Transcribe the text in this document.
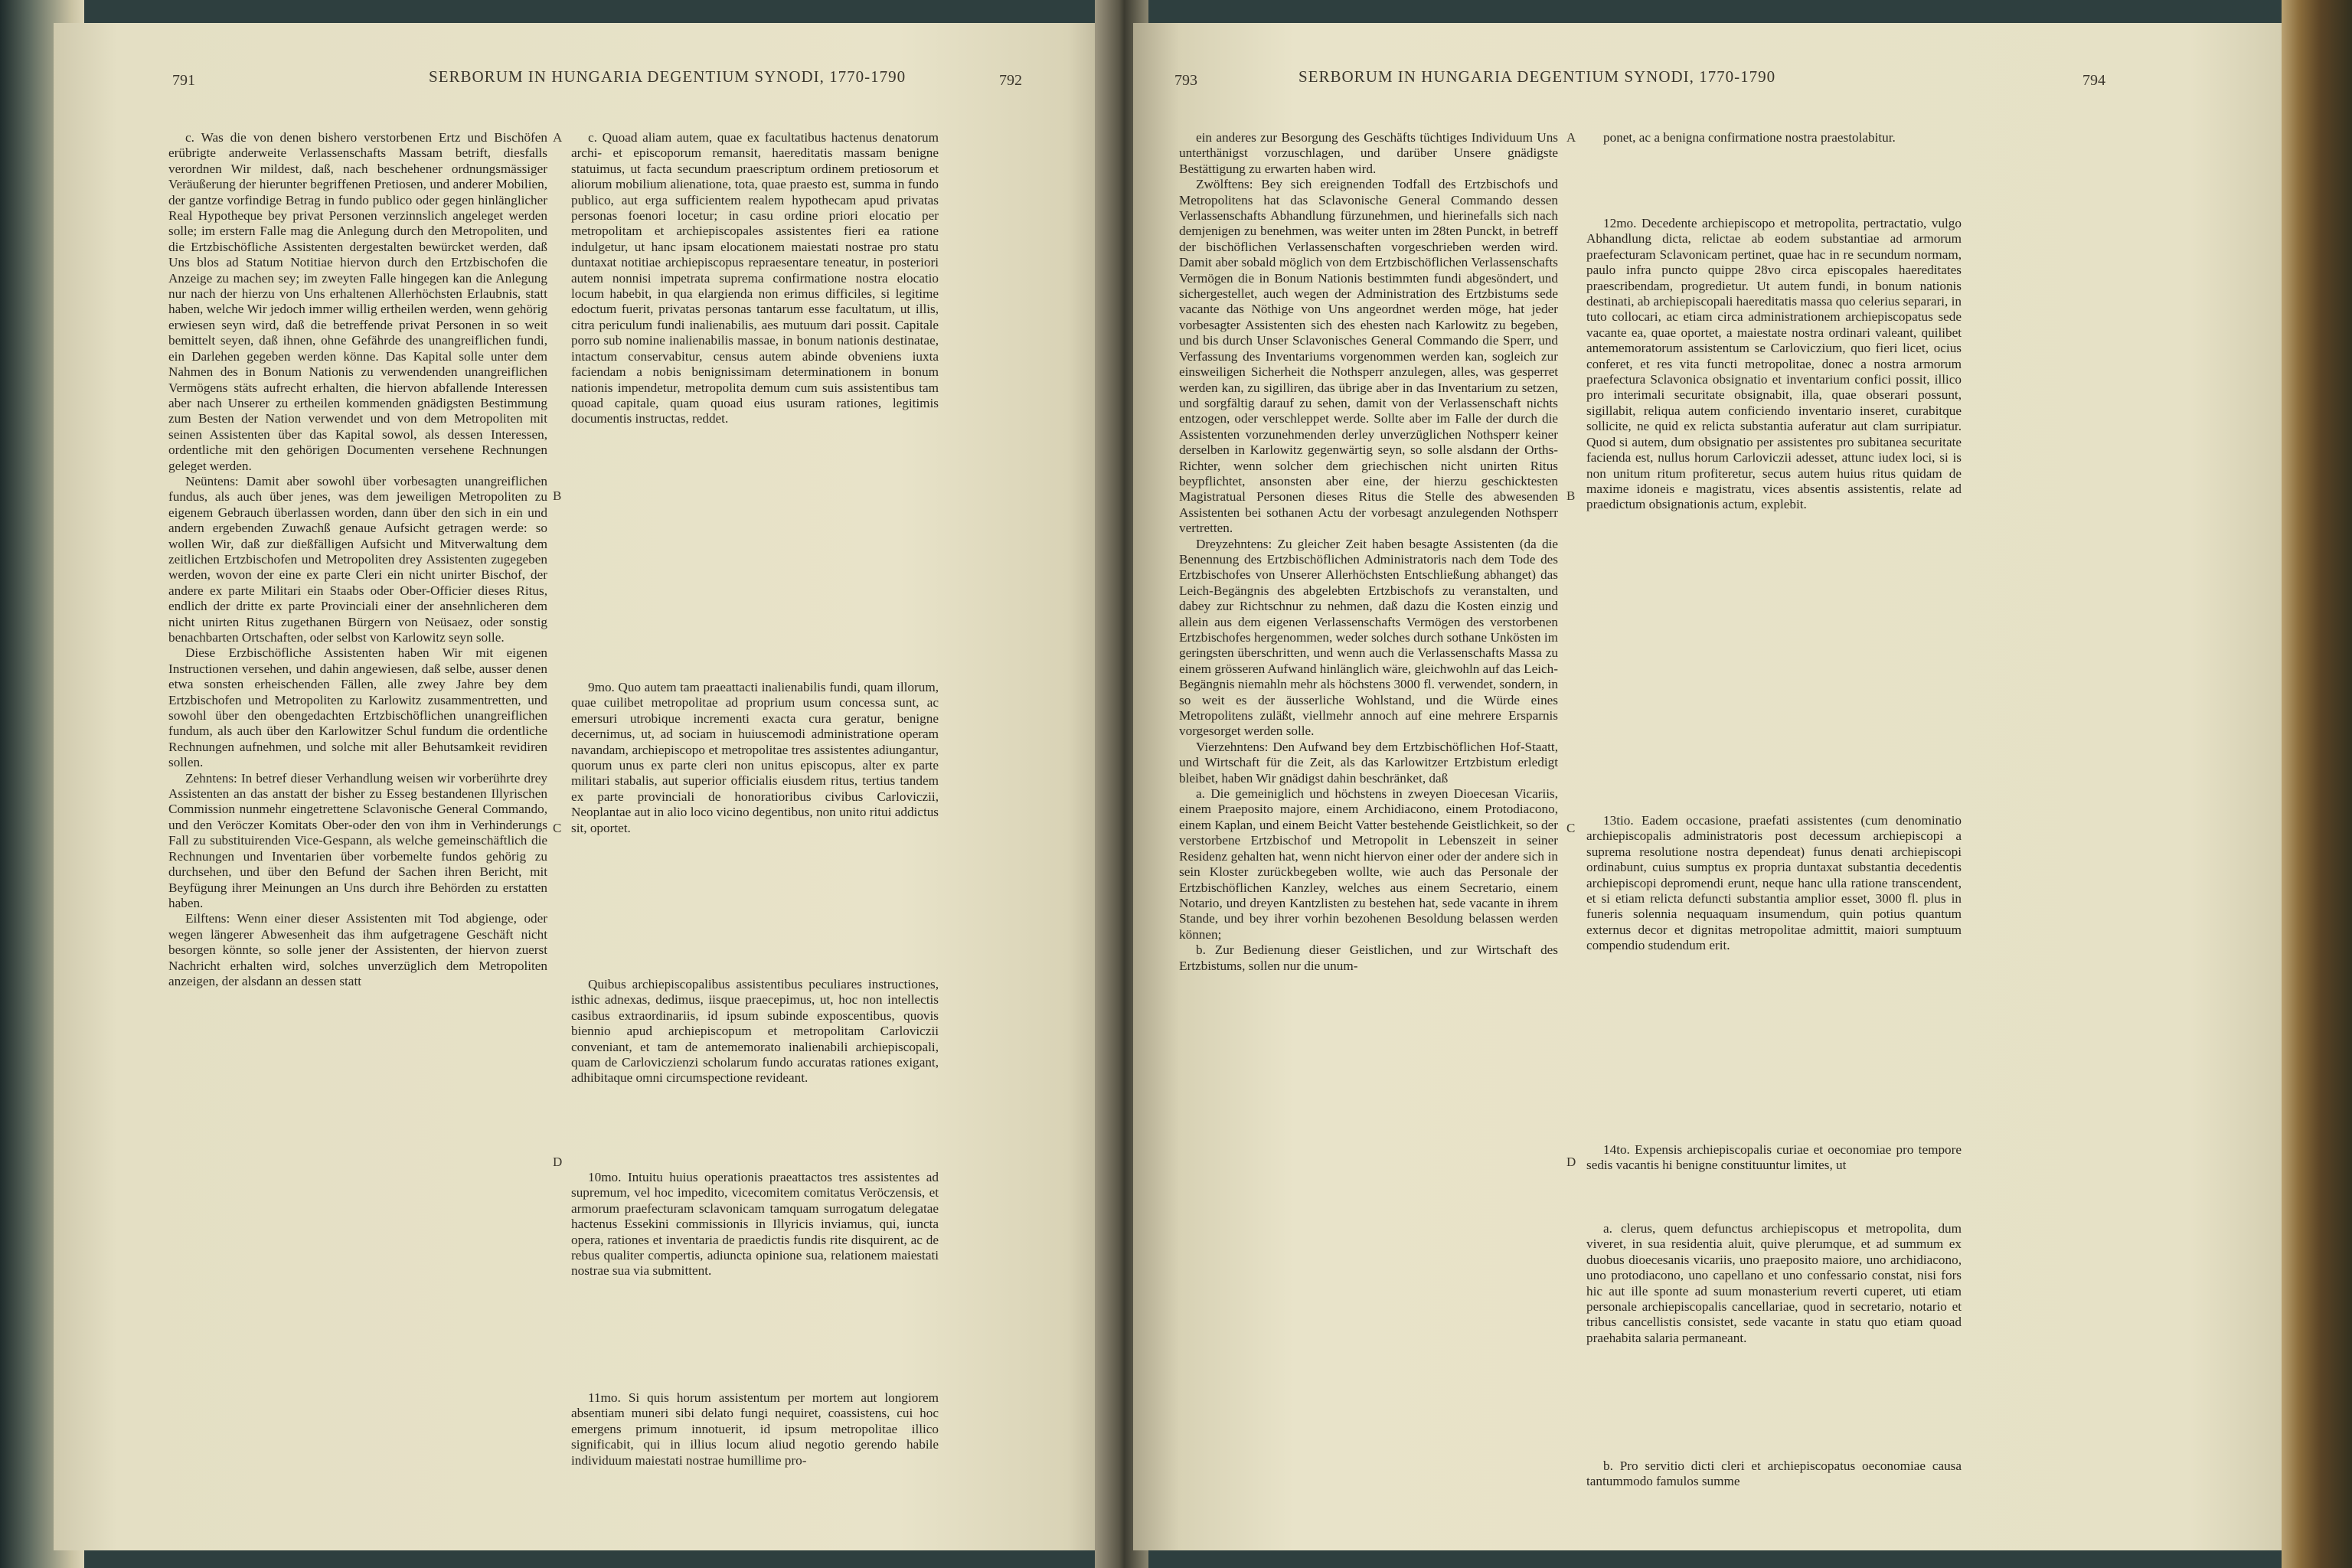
791	SERBORUM IN HUNGARIA DEGENTIUM SYNODI, 1770-1790	792

c. Was die von denen bishero verstorbenen Ertz und Bischöfen erübrigte anderweite Verlassenschafts Massam betrift, diesfalls verordnen Wir mildest, daß, nach beschehener ordnungsmässiger Veräußerung der hierunter begriffenen Pretiosen, und anderer Mobilien, der gantze vorfindige Betrag in fundo publico oder gegen hinlänglicher Real Hypotheque bey privat Personen verzinnslich angeleget werden solle; im erstern Falle mag die Anlegung durch den Metropoliten, und die Ertzbischöfliche Assistenten dergestalten bewürcket werden, daß Uns blos ad Statum Notitiae hiervon durch den Ertzbischofen die Anzeige zu machen sey; im zweyten Falle hingegen kan die Anlegung nur nach der hierzu von Uns erhaltenen Allerhöchsten Erlaubnis, statt haben, welche Wir jedoch immer willig ertheilen werden, wenn gehörig erwiesen seyn wird, daß die betreffende privat Personen in so weit bemittelt seyen, daß ihnen, ohne Gefährde des unangreiflichen fundi, ein Darlehen gegeben werden könne. Das Kapital solle unter dem Nahmen des in Bonum Nationis zu verwendenden unangreiflichen Vermögens stäts aufrecht erhalten, die hiervon abfallende Interessen aber nach Unserer zu ertheilen kommenden gnädigsten Bestimmung zum Besten der Nation verwendet und von dem Metropoliten mit seinen Assistenten über das Kapital sowol, als dessen Interessen, ordentliche mit den gehörigen Documenten versehene Rechnungen geleget werden.

Neüntens: Damit aber sowohl über vorbesagten unangreiflichen fundus, als auch über jenes, was dem jeweiligen Metropoliten zu eigenem Gebrauch überlassen worden, dann über den sich in ein und andern ergebenden Zuwachß genaue Aufsicht getragen werde: so wollen Wir, daß zur dießfälligen Aufsicht und Mitverwaltung dem zeitlichen Ertzbischofen und Metropoliten drey Assistenten zugegeben werden, wovon der eine ex parte Cleri ein nicht unirter Bischof, der andere ex parte Militari ein Staabs oder Ober-Officier dieses Ritus, endlich der dritte ex parte Provinciali einer der ansehnlicheren dem nicht unirten Ritus zugethanen Bürgern von Neüsaez, oder sonstig benachbarten Ortschaften, oder selbst von Karlowitz seyn solle.

Diese Erzbischöfliche Assistenten haben Wir mit eigenen Instructionen versehen, und dahin angewiesen, daß selbe, ausser denen etwa sonsten erheischenden Fällen, alle zwey Jahre bey dem Ertzbischofen und Metropoliten zu Karlowitz zusammentretten, und sowohl über den obengedachten Ertzbischöflichen unangreiflichen fundum, als auch über den Karlowitzer Schul fundum die ordentliche Rechnungen aufnehmen, und solche mit aller Behutsamkeit revidiren sollen.

Zehntens: In betref dieser Verhandlung weisen wir vorberührte drey Assistenten an das anstatt der bisher zu Esseg bestandenen Illyrischen Commission nunmehr eingetrettene Sclavonische General Commando, und den Veröczer Komitats Ober-oder den von ihm in Verhinderungs Fall zu substituirenden Vice-Gespann, als welche gemeinschäftlich die Rechnungen und Inventarien über vorbemelte fundos gehörig zu durchsehen, und über den Befund der Sachen ihren Bericht, mit Beyfügung ihrer Meinungen an Uns durch ihre Behörden zu erstatten haben.

Eilftens: Wenn einer dieser Assistenten mit Tod abgienge, oder wegen längerer Abwesenheit das ihm aufgetragene Geschäft nicht besorgen könnte, so solle jener der Assistenten, der hiervon zuerst Nachricht erhalten wird, solches unverzüglich dem Metropoliten anzeigen, der alsdann an dessen statt

A
B
C
D

c. Quoad aliam autem, quae ex facultatibus hactenus denatorum archi- et episcoporum remansit, haereditatis massam benigne statuimus, ut facta secundum praescriptum ordinem pretiosorum et aliorum mobilium alienatione, tota, quae praesto est, summa in fundo publico, aut erga sufficientem realem hypothecam apud privatas personas foenori locetur; in casu ordine priori elocatio per metropolitam et archiepiscopales assistentes fieri ea ratione indulgetur, ut hanc ipsam elocationem maiestati nostrae pro statu duntaxat notitiae archiepiscopus repraesentare teneatur, in posteriori autem nonnisi impetrata suprema confirmatione nostra elocatio locum habebit, in qua elargienda non erimus difficiles, si legitime edoctum fuerit, privatas personas tantarum esse facultatum, ut illis, citra periculum fundi inalienabilis, aes mutuum dari possit. Capitale porro sub nomine inalienabilis massae, in bonum nationis destinatae, intactum conservabitur, census autem abinde obveniens iuxta faciendam a nobis benignissimam determinationem in bonum nationis impendetur, metropolita demum cum suis assistentibus tam quoad capitale, quam quoad eius usuram rationes, legitimis documentis instructas, reddet.

9mo. Quo autem tam praeattacti inalienabilis fundi, quam illorum, quae cuilibet metropolitae ad proprium usum concessa sunt, ac emersuri utrobique incrementi exacta cura geratur, benigne decernimus, ut, ad sociam in huiuscemodi administratione operam navandam, archiepiscopo et metropolitae tres assistentes adiungantur, quorum unus ex parte cleri non unitus episcopus, alter ex parte militari stabalis, aut superior officialis eiusdem ritus, tertius tandem ex parte provinciali de honoratioribus civibus Carloviczii, Neoplantae aut in alio loco vicino degentibus, non unito ritui addictus sit, oportet.

Quibus archiepiscopalibus assistentibus peculiares instructiones, isthic adnexas, dedimus, iisque praecepimus, ut, hoc non intellectis casibus extraordinariis, id ipsum subinde exposcentibus, quovis biennio apud archiepiscopum et metropolitam Carloviczii conveniant, et tam de antememorato inalienabili archiepiscopali, quam de Carloviczienzi scholarum fundo accuratas rationes exigant, adhibitaque omni circumspectione revideant.

10mo. Intuitu huius operationis praeattactos tres assistentes ad supremum, vel hoc impedito, vicecomitem comitatus Veröczensis, et armorum praefecturam sclavonicam tamquam surrogatum delegatae hactenus Essekini commissionis in Illyricis inviamus, qui, iuncta opera, rationes et inventaria de praedictis fundis rite disquirent, ac de rebus qualiter compertis, adiuncta opinione sua, relationem maiestati nostrae sua via submittent.

11mo. Si quis horum assistentum per mortem aut longiorem absentiam muneri sibi delato fungi nequiret, coassistens, cui hoc emergens primum innotuerit, id ipsum metropolitae illico significabit, qui in illius locum aliud negotio gerendo habile individuum maiestati nostrae humillime pro-

793	SERBORUM IN HUNGARIA DEGENTIUM SYNODI, 1770-1790	794

ein anderes zur Besorgung des Geschäfts tüchtiges Individuum Uns unterthänigst vorzuschlagen, und darüber Unsere gnädigste Bestättigung zu erwarten haben wird.

Zwölftens: Bey sich ereignenden Todfall des Ertzbischofs und Metropolitens hat das Sclavonische General Commando dessen Verlassenschafts Abhandlung fürzunehmen, und hierinefalls sich nach demjenigen zu benehmen, was weiter unten im 28ten Punckt, in betreff der bischöflichen Verlassenschaften vorgeschrieben werden wird. Damit aber sobald möglich von dem Ertzbischöflichen Verlassenschafts Vermögen die in Bonum Nationis bestimmten fundi abgesöndert, und sichergestellet, auch wegen der Administration des Ertzbistums sede vacante das Nöthige von Uns angeordnet werden möge, hat jeder vorbesagter Assistenten sich des ehesten nach Karlowitz zu begeben, und bis durch Unser Sclavonisches General Commando die Sperr, und Verfassung des Inventariums vorgenommen werden kan, sogleich zur einsweiligen Sicherheit die Nothsperr anzulegen, alles, was gesperret werden kan, zu sigilliren, das übrige aber in das Inventarium zu setzen, und sorgfältig darauf zu sehen, damit von der Verlassenschaft nichts entzogen, oder verschleppet werde. Sollte aber im Falle der durch die Assistenten vorzunehmenden derley unverzüglichen Nothsperr keiner derselben in Karlowitz gegenwärtig seyn, so solle alsdann der Orths-Richter, wenn solcher dem griechischen nicht unirten Ritus beypflichtet, ansonsten aber eine, der hierzu geschicktesten Magistratual Personen dieses Ritus die Stelle des abwesenden Assistenten bei sothanen Actu der vorbesagt anzulegenden Nothsperr vertretten.

Dreyzehntens: Zu gleicher Zeit haben besagte Assistenten (da die Benennung des Ertzbischöflichen Administratoris nach dem Tode des Ertzbischofes von Unserer Allerhöchsten Entschließung abhanget) das Leich-Begängnis des abgelebten Ertzbischofs zu veranstalten, und dabey zur Richtschnur zu nehmen, daß dazu die Kosten einzig und allein aus dem eigenen Verlassenschafts Vermögen des verstorbenen Ertzbischofes hergenommen, weder solches durch sothane Unkösten im geringsten überschritten, und wenn auch die Verlassenschafts Massa zu einem grösseren Aufwand hinlänglich wäre, gleichwohln auf das Leich-Begängnis niemahln mehr als höchstens 3000 fl. verwendet, sondern, in so weit es der äusserliche Wohlstand, und die Würde eines Metropolitens zuläßt, viellmehr annoch auf eine mehrere Ersparnis vorgesorget werden solle.

Vierzehntens: Den Aufwand bey dem Ertzbischöflichen Hof-Staatt, und Wirtschaft für die Zeit, als das Karlowitzer Ertzbistum erledigt bleibet, haben Wir gnädigst dahin beschränket, daß

a. Die gemeiniglich und höchstens in zweyen Dioecesan Vicariis, einem Praeposito majore, einem Archidiacono, einem Protodiacono, einem Kaplan, und einem Beicht Vatter bestehende Geistlichkeit, so der verstorbene Ertzbischof und Metropolit in Lebenszeit in seiner Residenz gehalten hat, wenn nicht hiervon einer oder der andere sich in sein Kloster zurückbegeben wollte, wie auch das Personale der Ertzbischöflichen Kanzley, welches aus einem Secretario, einem Notario, und dreyen Kantzlisten zu bestehen hat, sede vacante in ihrem Stande, und bey ihrer vorhin bezohenen Besoldung belassen werden können;

b. Zur Bedienung dieser Geistlichen, und zur Wirtschaft des Ertzbistums, sollen nur die unum-

A
B
C
D

ponet, ac a benigna confirmatione nostra praestolabitur.

12mo. Decedente archiepiscopo et metropolita, pertractatio, vulgo Abhandlung dicta, relictae ab eodem substantiae ad armorum praefecturam Sclavonicam pertinet, quae hac in re secundum normam, paulo infra puncto quippe 28vo circa episcopales haereditates praescribendam, progredietur. Ut autem fundi, in bonum nationis destinati, ab archiepiscopali haereditatis massa quo celerius separari, in tuto collocari, ac etiam circa administrationem archiepiscopatus sede vacante ea, quae oportet, a maiestate nostra ordinari valeant, quilibet antememoratorum assistentum se Carloviczium, quo fieri licet, ocius conferet, et res vita functi metropolitae, donec a nostra armorum praefectura Sclavonica obsignatio et inventarium confici possit, illico pro interimali securitate obsignabit, illa, quae obserari possunt, sigillabit, reliqua autem conficiendo inventario inseret, curabitque sollicite, ne quid ex relicta substantia auferatur aut clam surripiatur. Quod si autem, dum obsignatio per assistentes pro subitanea securitate facienda est, nullus horum Carloviczii adesset, attunc iudex loci, si is non unitum ritum profiteretur, secus autem huius ritus quidam de maxime idoneis e magistratu, vices absentis assistentis, relate ad praedictum obsignationis actum, explebit.

13tio. Eadem occasione, praefati assistentes (cum denominatio archiepiscopalis administratoris post decessum archiepiscopi a suprema resolutione nostra dependeat) funus denati archiepiscopi ordinabunt, cuius sumptus ex propria duntaxat substantia decedentis archiepiscopi depromendi erunt, neque hanc ulla ratione transcendent, et si etiam relicta defuncti substantia amplior esset, 3000 fl. plus in funeris solennia nequaquam insumendum, quin potius quantum externus decor et dignitas metropolitae admittit, maiori sumptuum compendio studendum erit.

14to. Expensis archiepiscopalis curiae et oeconomiae pro tempore sedis vacantis hi benigne constituuntur limites, ut

a. clerus, quem defunctus archiepiscopus et metropolita, dum viveret, in sua residentia aluit, quive plerumque, et ad summum ex duobus dioecesanis vicariis, uno praeposito maiore, uno archidiacono, uno protodiacono, uno capellano et uno confessario constat, nisi fors hic aut ille sponte ad suum monasterium reverti cuperet, uti etiam personale archiepiscopalis cancellariae, quod in secretario, notario et tribus cancellistis consistet, sede vacante in statu quo etiam quoad praehabita salaria permaneant.

b. Pro servitio dicti cleri et archiepiscopatus oeconomiae causa tantummodo famulos summe
